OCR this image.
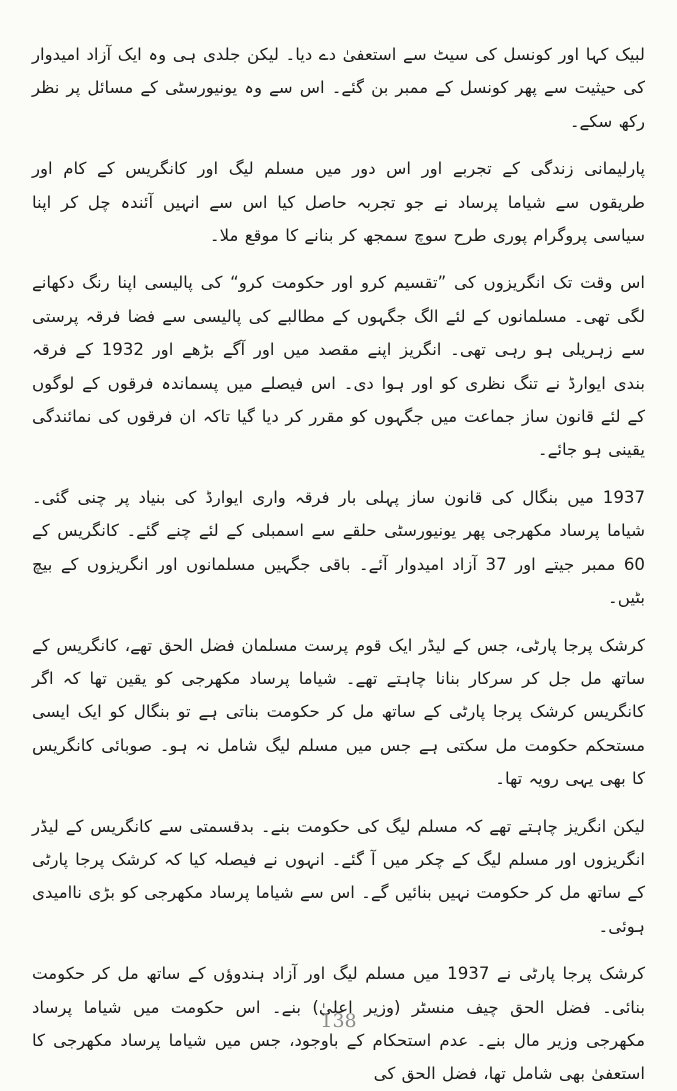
لبیک کہا اور کونسل کی سیٹ سے استعفیٰ دے دیا۔ لیکن جلدی ہی وہ ایک آزاد امیدوار کی حیثیت سے پھر کونسل کے ممبر بن گئے۔ اس سے وہ یونیورسٹی کے مسائل پر نظر رکھ سکے۔

پارلیمانی زندگی کے تجربے اور اس دور میں مسلم لیگ اور کانگریس کے کام اور طریقوں سے شیاما پرساد نے جو تجربہ حاصل کیا اس سے انہیں آئندہ چل کر اپنا سیاسی پروگرام پوری طرح سوچ سمجھ کر بنانے کا موقع ملا۔

اس وقت تک انگریزوں کی ”تقسیم کرو اور حکومت کرو“ کی پالیسی اپنا رنگ دکھانے لگی تھی۔ مسلمانوں کے لئے الگ جگہوں کے مطالبے کی پالیسی سے فضا فرقہ پرستی سے زہریلی ہو رہی تھی۔ انگریز اپنے مقصد میں اور آگے بڑھے اور 1932 کے فرقہ بندی ایوارڈ نے تنگ نظری کو اور ہوا دی۔ اس فیصلے میں پسماندہ فرقوں کے لوگوں کے لئے قانون ساز جماعت میں جگہوں کو مقرر کر دیا گیا تاکہ ان فرقوں کی نمائندگی یقینی ہو جائے۔

1937 میں بنگال کی قانون ساز پہلی بار فرقہ واری ایوارڈ کی بنیاد پر چنی گئی۔ شیاما پرساد مکھرجی پھر یونیورسٹی حلقے سے اسمبلی کے لئے چنے گئے۔ کانگریس کے 60 ممبر جیتے اور 37 آزاد امیدوار آئے۔ باقی جگہیں مسلمانوں اور انگریزوں کے بیچ بٹیں۔

کرشک پرجا پارٹی، جس کے لیڈر ایک قوم پرست مسلمان فضل الحق تھے، کانگریس کے ساتھ مل جل کر سرکار بنانا چاہتے تھے۔ شیاما پرساد مکھرجی کو یقین تھا کہ اگر کانگریس کرشک پرجا پارٹی کے ساتھ مل کر حکومت بناتی ہے تو بنگال کو ایک ایسی مستحکم حکومت مل سکتی ہے جس میں مسلم لیگ شامل نہ ہو۔ صوبائی کانگریس کا بھی یہی رویہ تھا۔

لیکن انگریز چاہتے تھے کہ مسلم لیگ کی حکومت بنے۔ بدقسمتی سے کانگریس کے لیڈر انگریزوں اور مسلم لیگ کے چکر میں آ گئے۔ انہوں نے فیصلہ کیا کہ کرشک پرجا پارٹی کے ساتھ مل کر حکومت نہیں بنائیں گے۔ اس سے شیاما پرساد مکھرجی کو بڑی ناامیدی ہوئی۔

کرشک پرجا پارٹی نے 1937 میں مسلم لیگ اور آزاد ہندوؤں کے ساتھ مل کر حکومت بنائی۔ فضل الحق چیف منسٹر (وزیر اعلیٰ) بنے۔ اس حکومت میں شیاما پرساد مکھرجی وزیر مال بنے۔ عدم استحکام کے باوجود، جس میں شیاما پرساد مکھرجی کا استعفیٰ بھی شامل تھا، فضل الحق کی

138
